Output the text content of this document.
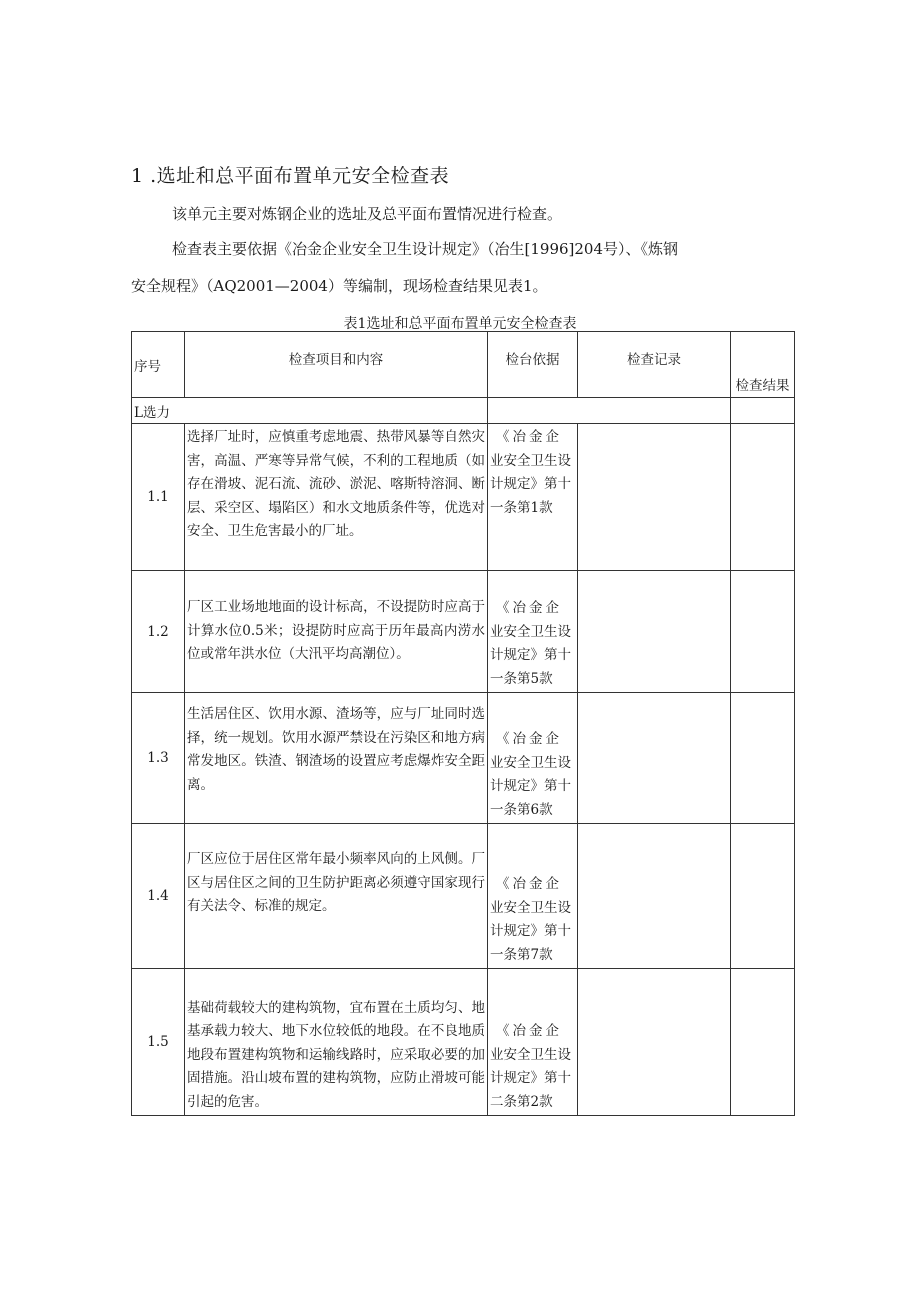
1 .选址和总平面布置单元安全检查表
该单元主要对炼钢企业的选址及总平面布置情况进行检查。
检查表主要依据《冶金企业安全卫生设计规定》（冶生[1996]204号）、《炼钢
安全规程》（AQ2001—2004）等编制，现场检查结果见表1。
表1选址和总平面布置单元安全检查表
序号	检查项目和内容	检台依据	检查记录	检查结果
L选力				
1.1	选择厂址时，应慎重考虑地震、热带风暴等自然灾害，高温、严寒等异常气候，不利的工程地质（如存在滑坡、泥石流、流砂、淤泥、喀斯特溶洞、断层、采空区、塌陷区）和水文地质条件等，优选对安全、卫生危害最小的厂址。	《冶金企
业安全卫生设计规定》第十一条第1款		
1.2	厂区工业场地地面的设计标高，不设提防时应高于计算水位0.5米；设提防时应高于历年最高内涝水位或常年洪水位（大汛平均高潮位）。	《冶金企
业安全卫生设计规定》第十一条第5款		
1.3	生活居住区、饮用水源、渣场等，应与厂址同时选择，统一规划。饮用水源严禁设在污染区和地方病常发地区。铁渣、钢渣场的设置应考虑爆炸安全距离。	《冶金企
业安全卫生设计规定》第十一条第6款		
1.4	厂区应位于居住区常年最小频率风向的上风侧。厂区与居住区之间的卫生防护距离必须遵守国家现行有关法令、标准的规定。	《冶金企
业安全卫生设计规定》第十一条第7款		
1.5	基础荷载较大的建构筑物，宜布置在土质均匀、地基承载力较大、地下水位较低的地段。在不良地质地段布置建构筑物和运输线路时，应采取必要的加固措施。沿山坡布置的建构筑物，应防止滑坡可能引起的危害。	《冶金企
业安全卫生设计规定》第十二条第2款		
